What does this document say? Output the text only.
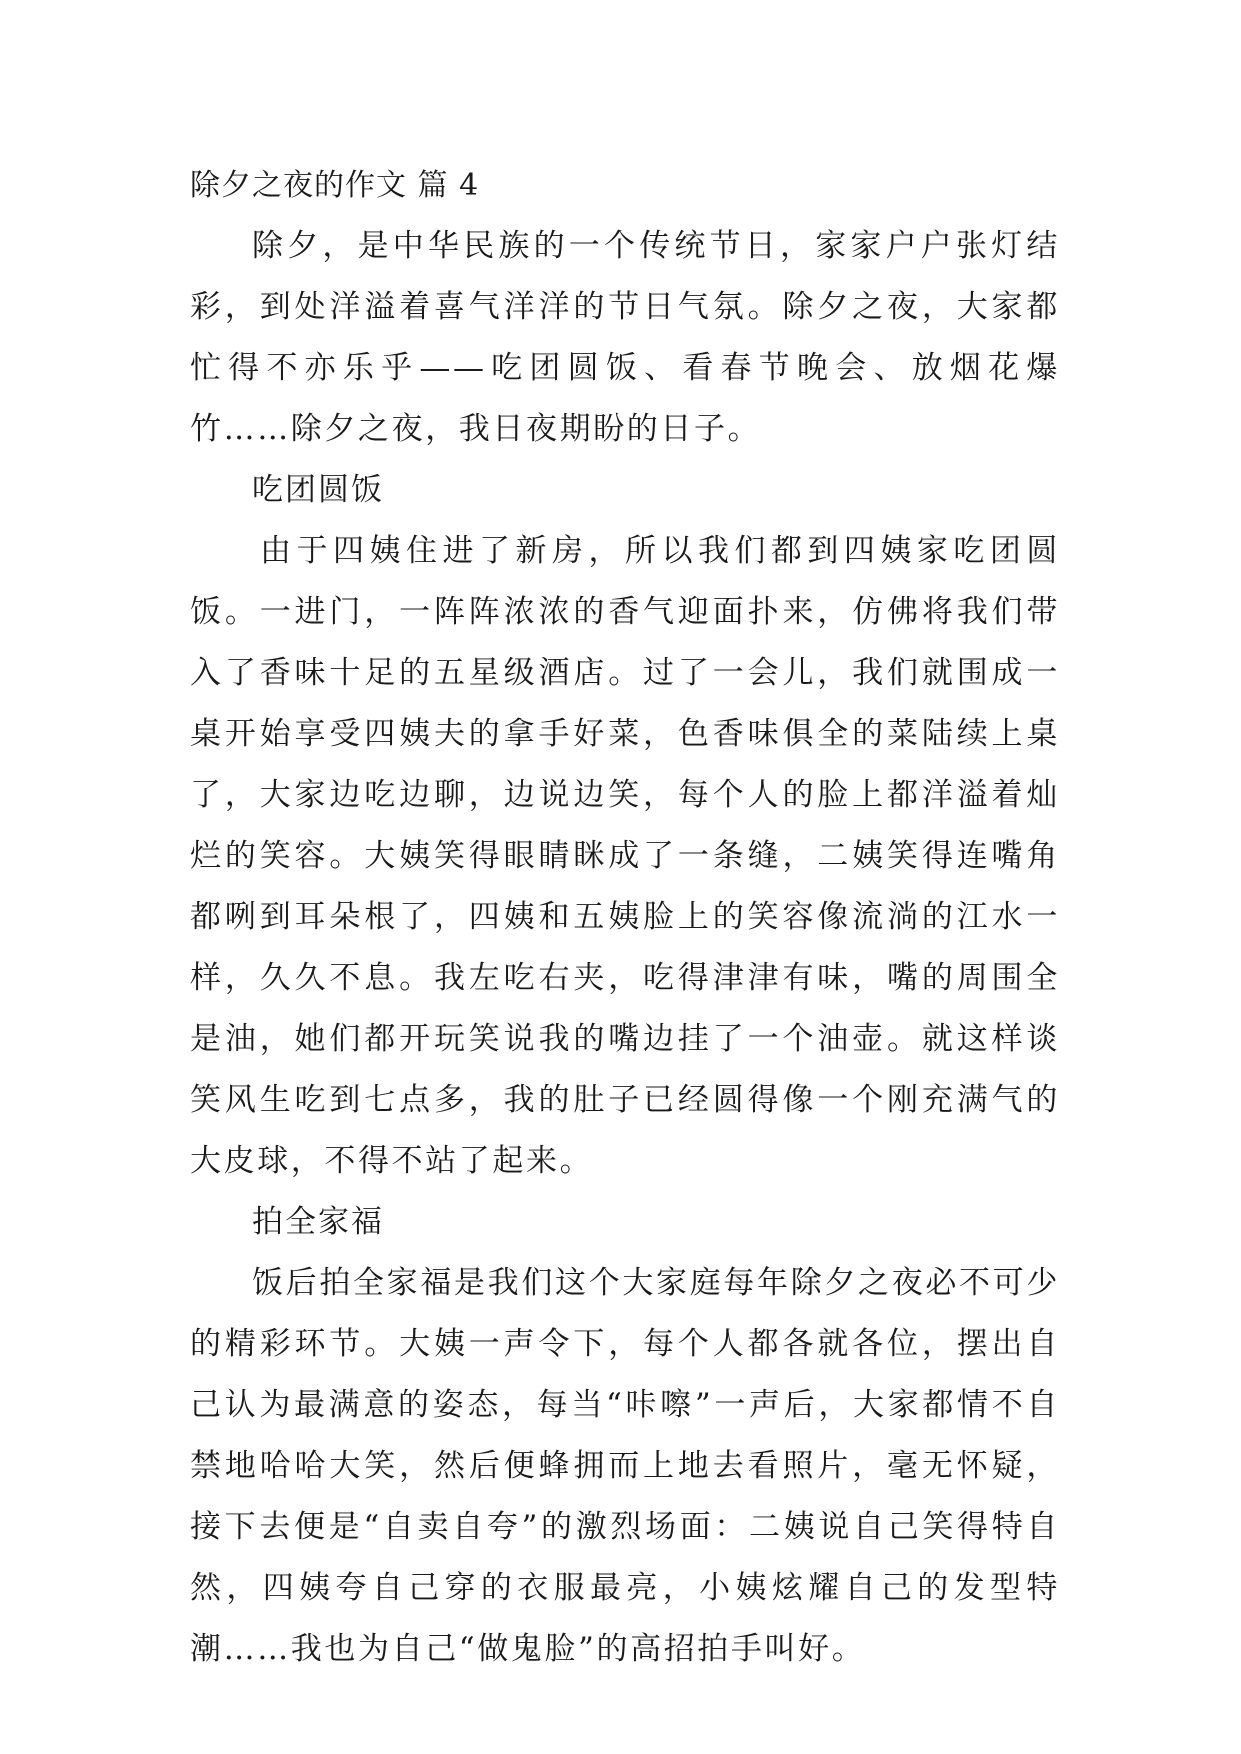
除夕之夜的作文 篇 4

除夕，是中华民族的一个传统节日，家家户户张灯结彩，到处洋溢着喜气洋洋的节日气氛。除夕之夜，大家都忙得不亦乐乎——吃团圆饭、看春节晚会、放烟花爆竹……除夕之夜，我日夜期盼的日子。

吃团圆饭

由于四姨住进了新房，所以我们都到四姨家吃团圆饭。一进门，一阵阵浓浓的香气迎面扑来，仿佛将我们带入了香味十足的五星级酒店。过了一会儿，我们就围成一桌开始享受四姨夫的拿手好菜，色香味俱全的菜陆续上桌了，大家边吃边聊，边说边笑，每个人的脸上都洋溢着灿烂的笑容。大姨笑得眼睛眯成了一条缝，二姨笑得连嘴角都咧到耳朵根了，四姨和五姨脸上的笑容像流淌的江水一样，久久不息。我左吃右夹，吃得津津有味，嘴的周围全是油，她们都开玩笑说我的嘴边挂了一个油壶。就这样谈笑风生吃到七点多，我的肚子已经圆得像一个刚充满气的大皮球，不得不站了起来。

拍全家福

饭后拍全家福是我们这个大家庭每年除夕之夜必不可少的精彩环节。大姨一声令下，每个人都各就各位，摆出自己认为最满意的姿态，每当“咔嚓”一声后，大家都情不自禁地哈哈大笑，然后便蜂拥而上地去看照片，毫无怀疑，接下去便是“自卖自夸”的激烈场面：二姨说自己笑得特自然，四姨夸自己穿的衣服最亮，小姨炫耀自己的发型特潮……我也为自己“做鬼脸”的高招拍手叫好。
